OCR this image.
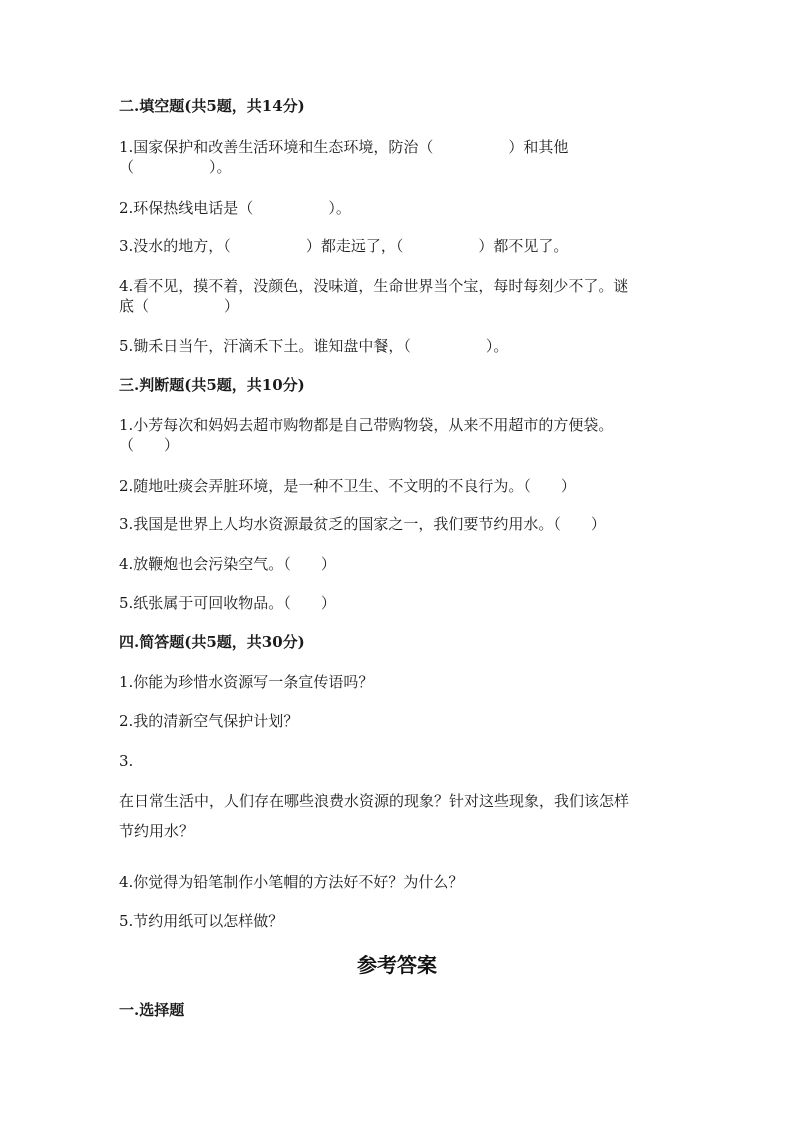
二.填空题(共5题，共14分)

1.国家保护和改善生活环境和生态环境，防治（　　　　　）和其他

（　　　　　）。

2.环保热线电话是（　　　　　）。

3.没水的地方，（　　　　　）都走远了，（　　　　　）都不见了。

4.看不见，摸不着，没颜色，没味道，生命世界当个宝，每时每刻少不了。谜

底（　　　　　）

5.锄禾日当午，汗滴禾下土。谁知盘中餐，（　　　　　）。

三.判断题(共5题，共10分)

1.小芳每次和妈妈去超市购物都是自己带购物袋，从来不用超市的方便袋。

（　　）

2.随地吐痰会弄脏环境，是一种不卫生、不文明的不良行为。（　　）

3.我国是世界上人均水资源最贫乏的国家之一，我们要节约用水。（　　）

4.放鞭炮也会污染空气。（　　）

5.纸张属于可回收物品。（　　）

四.简答题(共5题，共30分)

1.你能为珍惜水资源写一条宣传语吗？

2.我的清新空气保护计划？

3.

在日常生活中，人们存在哪些浪费水资源的现象？针对这些现象，我们该怎样

节约用水？

4.你觉得为铅笔制作小笔帽的方法好不好？为什么？

5.节约用纸可以怎样做？

参考答案

一.选择题
